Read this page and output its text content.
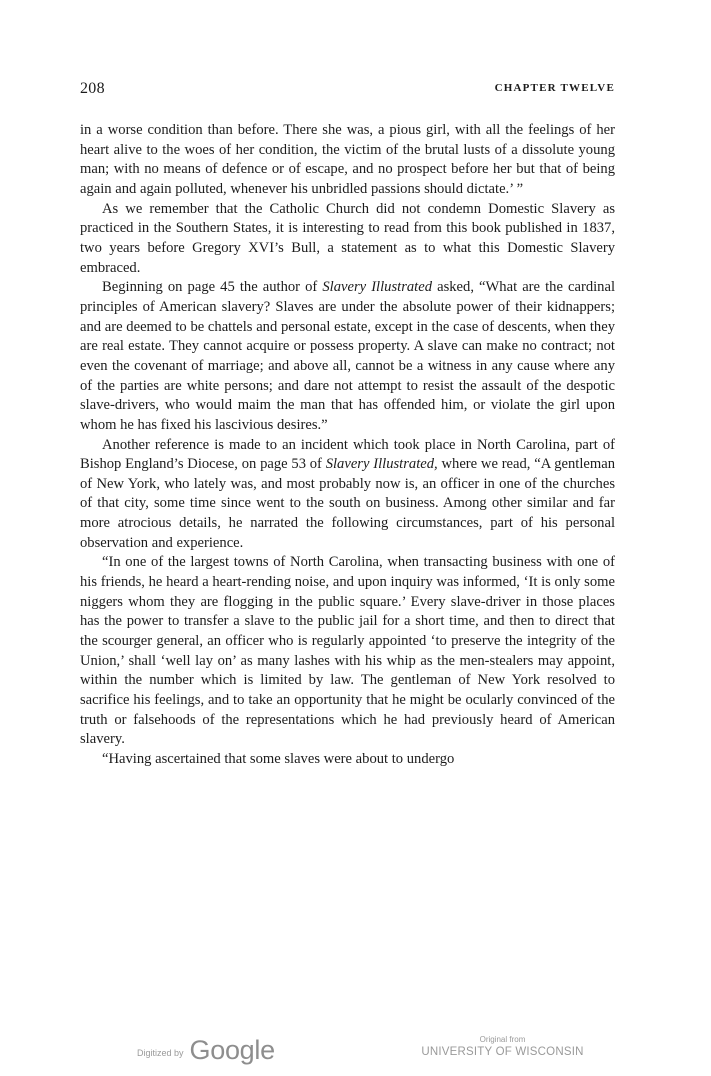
208	CHAPTER TWELVE

in a worse condition than before. There she was, a pious girl, with all the feelings of her heart alive to the woes of her condition, the victim of the brutal lusts of a dissolute young man; with no means of defence or of escape, and no prospect before her but that of being again and again polluted, whenever his unbridled passions should dictate.’ ”

As we remember that the Catholic Church did not condemn Domestic Slavery as practiced in the Southern States, it is interesting to read from this book published in 1837, two years before Gregory XVI’s Bull, a statement as to what this Domestic Slavery embraced.

Beginning on page 45 the author of Slavery Illustrated asked, “What are the cardinal principles of American slavery? Slaves are under the absolute power of their kidnappers; and are deemed to be chattels and personal estate, except in the case of descents, when they are real estate. They cannot acquire or possess property. A slave can make no contract; not even the covenant of marriage; and above all, cannot be a witness in any cause where any of the parties are white persons; and dare not attempt to resist the assault of the despotic slave-drivers, who would maim the man that has offended him, or violate the girl upon whom he has fixed his lascivious desires.”

Another reference is made to an incident which took place in North Carolina, part of Bishop England’s Diocese, on page 53 of Slavery Illustrated, where we read, “A gentleman of New York, who lately was, and most probably now is, an officer in one of the churches of that city, some time since went to the south on business. Among other similar and far more atrocious details, he narrated the following circumstances, part of his personal observation and experience.

“In one of the largest towns of North Carolina, when transacting business with one of his friends, he heard a heart-rending noise, and upon inquiry was informed, ‘It is only some niggers whom they are flogging in the public square.’ Every slave-driver in those places has the power to transfer a slave to the public jail for a short time, and then to direct that the scourger general, an officer who is regularly appointed ‘to preserve the integrity of the Union,’ shall ‘well lay on’ as many lashes with his whip as the men-stealers may appoint, within the number which is limited by law. The gentleman of New York resolved to sacrifice his feelings, and to take an opportunity that he might be ocularly convinced of the truth or falsehoods of the representations which he had previously heard of American slavery.

“Having ascertained that some slaves were about to undergo

Digitized by Google	Original from
UNIVERSITY OF WISCONSIN
